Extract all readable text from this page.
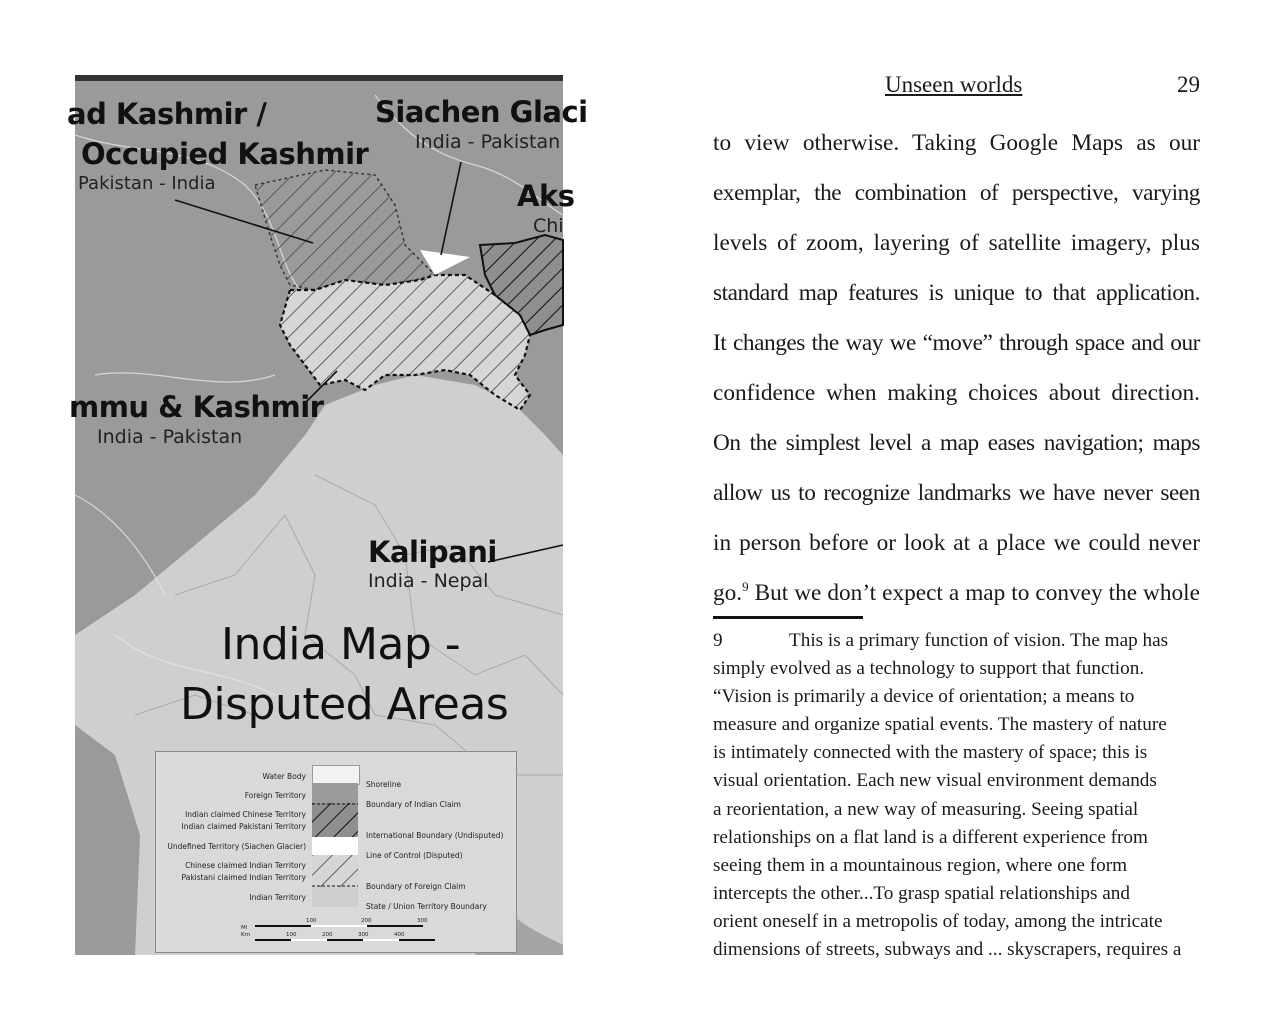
ad Kashmir /
Occupied Kashmir
Pakistan - India
Siachen Glaci
India - Pakistan
Aks
Chi
mmu & Kashmir
India - Pakistan
Kalipani
India - Nepal
India Map -
Disputed Areas
Water Body
Foreign Territory
Indian claimed Chinese Territory
Indian claimed Pakistani Territory
Undefined Territory (Siachen Glacier)
Chinese claimed Indian Territory
Pakistani claimed Indian Territory
Indian Territory
Shoreline
Boundary of Indian Claim
International Boundary (Undisputed)
Line of Control (Disputed)
Boundary of Foreign Claim
State / Union Territory Boundary
Mi
Km
100	200	300
100	200	300	400
Unseen worlds	29
to view otherwise. Taking Google Maps as our
exemplar, the combination of perspective, varying
levels of zoom, layering of satellite imagery, plus
standard map features is unique to that application.
It changes the way we “move” through space and our
confidence when making choices about direction.
On the simplest level a map eases navigation; maps
allow us to recognize landmarks we have never seen
in person before or look at a place we could never
go.$^9$ But we don’t expect a map to convey the whole
9	This is a primary function of vision. The map has
simply evolved as a technology to support that function.
“Vision is primarily a device of orientation; a means to
measure and organize spatial events. The mastery of nature
is intimately connected with the mastery of space; this is
visual orientation. Each new visual environment demands
a reorientation, a new way of measuring. Seeing spatial
relationships on a flat land is a different experience from
seeing them in a mountainous region, where one form
intercepts the other...To grasp spatial relationships and
orient oneself in a metropolis of today, among the intricate
dimensions of streets, subways and ... skyscrapers, requires a
